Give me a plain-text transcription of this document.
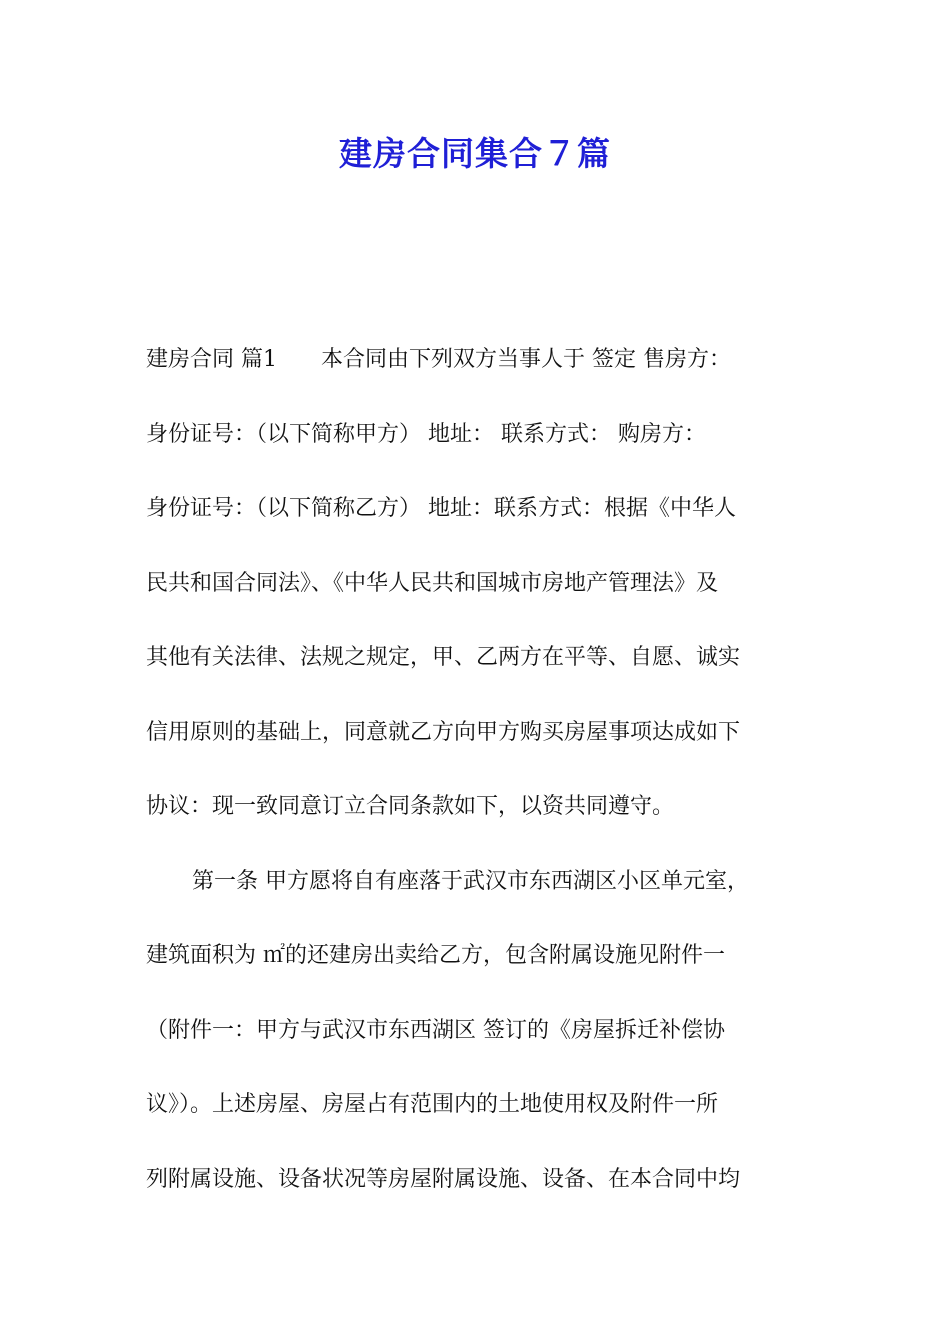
建房合同集合７篇

建房合同 篇1　　本合同由下列双方当事人于 签定 售房方：

身份证号：（以下简称甲方） 地址： 联系方式： 购房方：

身份证号：（以下简称乙方） 地址：联系方式：根据《中华人

民共和国合同法》、《中华人民共和国城市房地产管理法》及

其他有关法律、法规之规定，甲、乙两方在平等、自愿、诚实

信用原则的基础上，同意就乙方向甲方购买房屋事项达成如下

协议：现一致同意订立合同条款如下，以资共同遵守。

第一条 甲方愿将自有座落于武汉市东西湖区小区单元室，

建筑面积为 ㎡的还建房出卖给乙方，包含附属设施见附件一

（附件一：甲方与武汉市东西湖区 签订的《房屋拆迁补偿协

议》）。上述房屋、房屋占有范围内的土地使用权及附件一所

列附属设施、设备状况等房屋附属设施、设备、在本合同中均
